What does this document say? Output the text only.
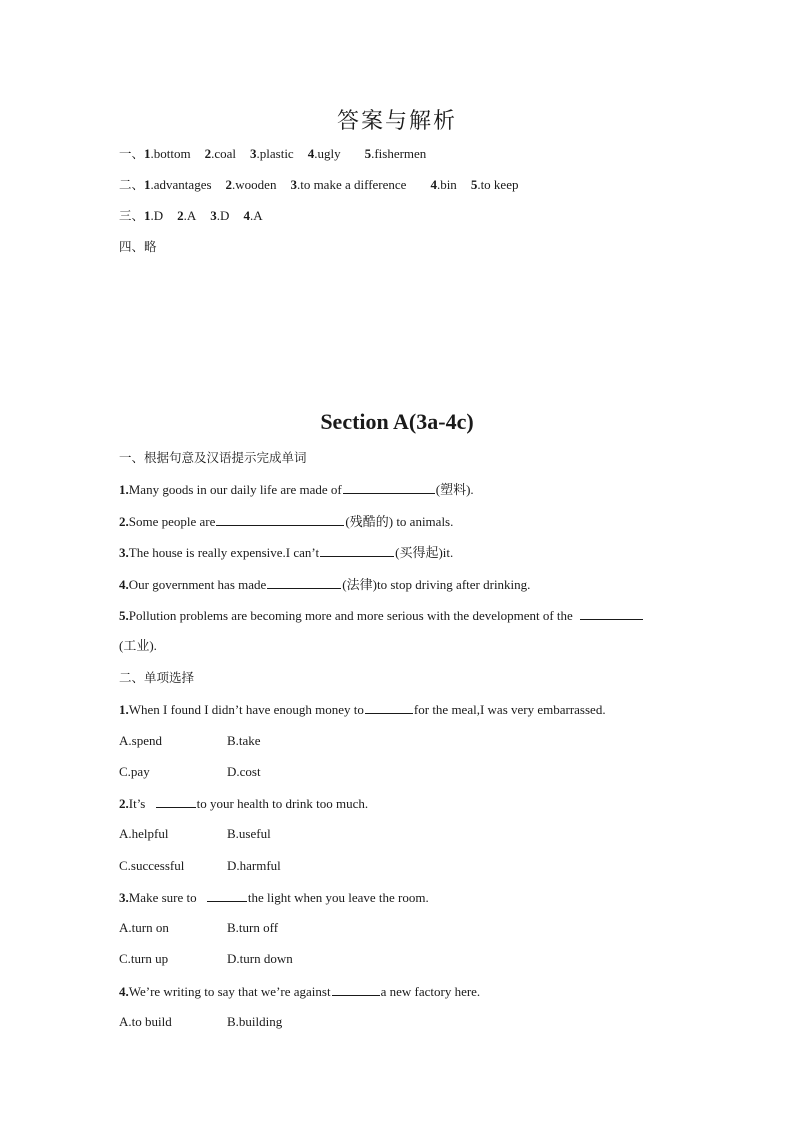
答案与解析
一、1.bottom 2.coal 3.plastic 4.ugly 5.fishermen
二、1.advantages 2.wooden 3.to make a difference 4.bin 5.to keep
三、1.D 2.A 3.D 4.A
四、略
Section A(3a-4c)
一、根据句意及汉语提示完成单词
1.Many goods in our daily life are made of	(塑料).
2.Some people are	(残酷的) to animals.
3.The house is really expensive.I can’t	(买得起)it.
4.Our government has made	(法律)to stop driving after drinking.
5.Pollution problems are becoming more and more serious with the development of the
(工业).
二、单项选择
1.When I found I didn’t have enough money to	for the meal,I was very embarrassed.
A.spend	B.take
C.pay	D.cost
2.It’s	to your health to drink too much.
A.helpful	B.useful
C.successful	D.harmful
3.Make sure to	the light when you leave the room.
A.turn on	B.turn off
C.turn up	D.turn down
4.We’re writing to say that we’re against	a new factory here.
A.to build	B.building
